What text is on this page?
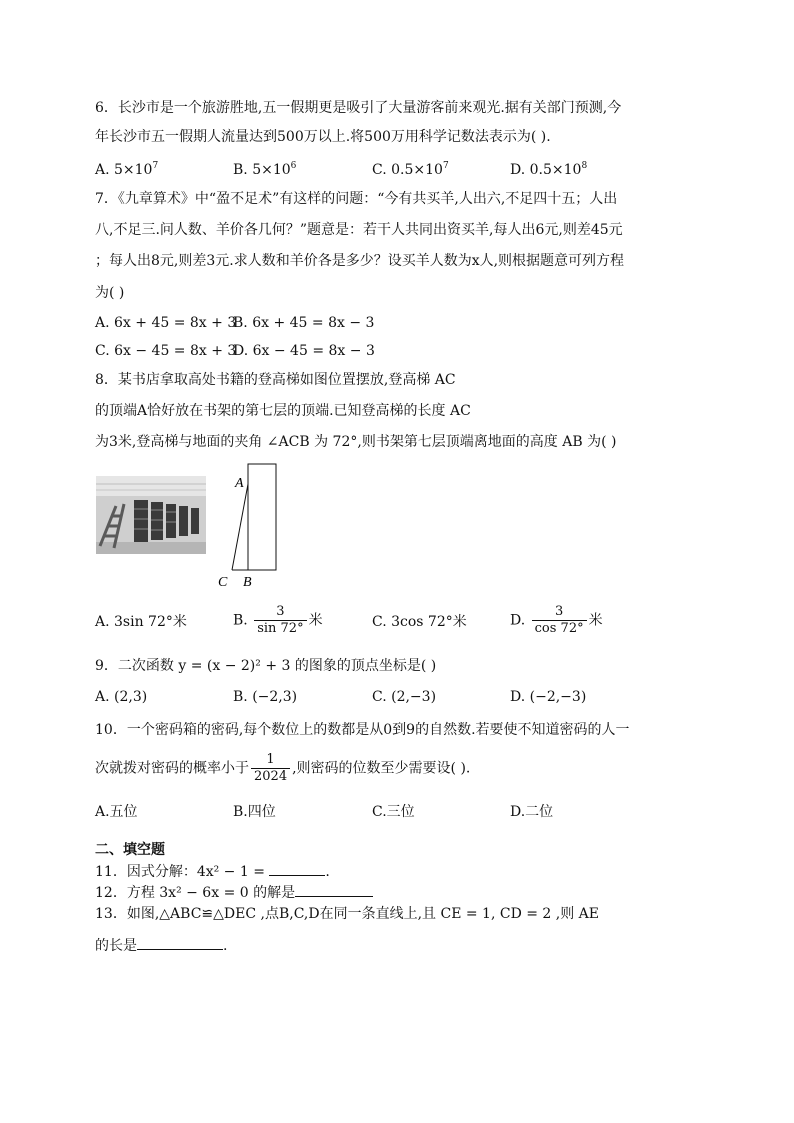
6．长沙市是一个旅游胜地,五一假期更是吸引了大量游客前来观光.据有关部门预测,今
年长沙市五一假期人流量达到500万以上.将500万用科学记数法表示为( ).
A. $5\times 10^7$	B. $5\times 10^6$	C. $0.5\times 10^7$	D. $0.5\times 10^8$
7．《九章算术》中“盈不足术”有这样的问题：“今有共买羊,人出六,不足四十五；人出
八,不足三.问人数、羊价各几何？”题意是：若干人共同出资买羊,每人出6元,则差45元
；每人出8元,则差3元.求人数和羊价各是多少？设买羊人数为x人,则根据题意可列方程
为( )
A. 6x + 45 = 8x + 3
B. 6x + 45 = 8x − 3
C. 6x − 45 = 8x + 3
D. 6x − 45 = 8x − 3
8．某书店拿取高处书籍的登高梯如图位置摆放,登高梯 AC
的顶端A恰好放在书架的第七层的顶端.已知登高梯的长度 AC
为3米,登高梯与地面的夹角 ∠ACB 为 72°,则书架第七层顶端离地面的高度 AB 为( )
A
C B
A. 3sin 72°米	B. $\frac{3}{\sin 72^\circ}$ 米	C. 3cos 72°米	D. $\frac{3}{\cos 72^\circ}$ 米
9．二次函数 y = (x − 2)² + 3 的图象的顶点坐标是( )
A. (2,3)	B. (−2,3)	C. (2,−3)	D. (−2,−3)
10．一个密码箱的密码,每个数位上的数都是从0到9的自然数.若要使不知道密码的人一
次就拨对密码的概率小于 $\frac{1}{2024}$ ,则密码的位数至少需要设( ).
A.五位	B.四位	C.三位	D.二位
二、填空题
11．因式分解：4x² − 1 =	.
12．方程 3x² − 6x = 0 的解是
13．如图,△ABC≌△DEC ,点B,C,D在同一条直线上,且 CE = 1, CD = 2 ,则 AE
的长是	.
